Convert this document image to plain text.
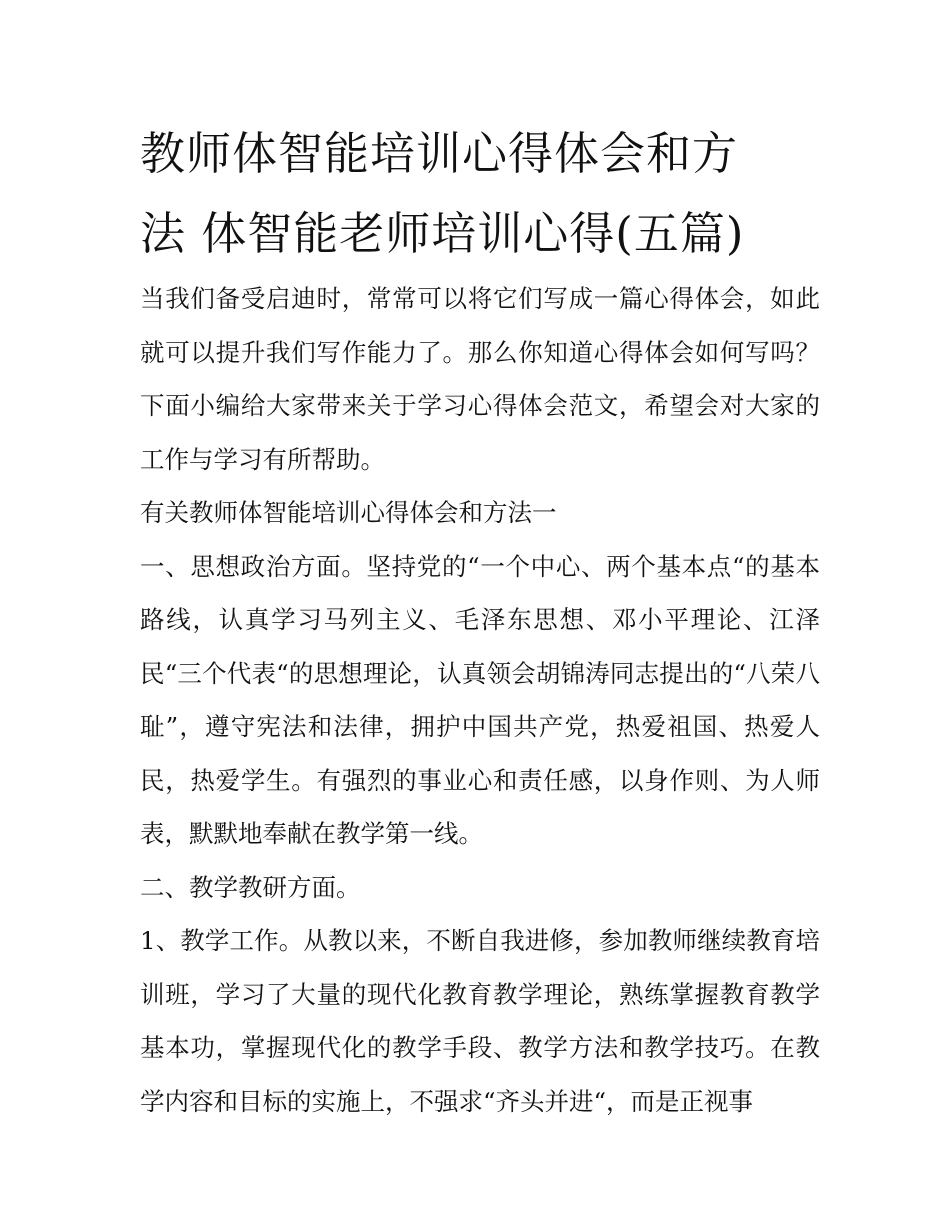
教师体智能培训心得体会和方
法 体智能老师培训心得(五篇)

当我们备受启迪时，常常可以将它们写成一篇心得体会，如此就可以提升我们写作能力了。那么你知道心得体会如何写吗？下面小编给大家带来关于学习心得体会范文，希望会对大家的工作与学习有所帮助。

有关教师体智能培训心得体会和方法一

一、思想政治方面。坚持党的“一个中心、两个基本点“的基本路线，认真学习马列主义、毛泽东思想、邓小平理论、江泽民“三个代表“的思想理论，认真领会胡锦涛同志提出的“八荣八耻”，遵守宪法和法律，拥护中国共产党，热爱祖国、热爱人民，热爱学生。有强烈的事业心和责任感，以身作则、为人师表，默默地奉献在教学第一线。

二、教学教研方面。

1、教学工作。从教以来，不断自我进修，参加教师继续教育培训班，学习了大量的现代化教育教学理论，熟练掌握教育教学基本功，掌握现代化的教学手段、教学方法和教学技巧。在教学内容和目标的实施上，不强求“齐头并进“，而是正视事
